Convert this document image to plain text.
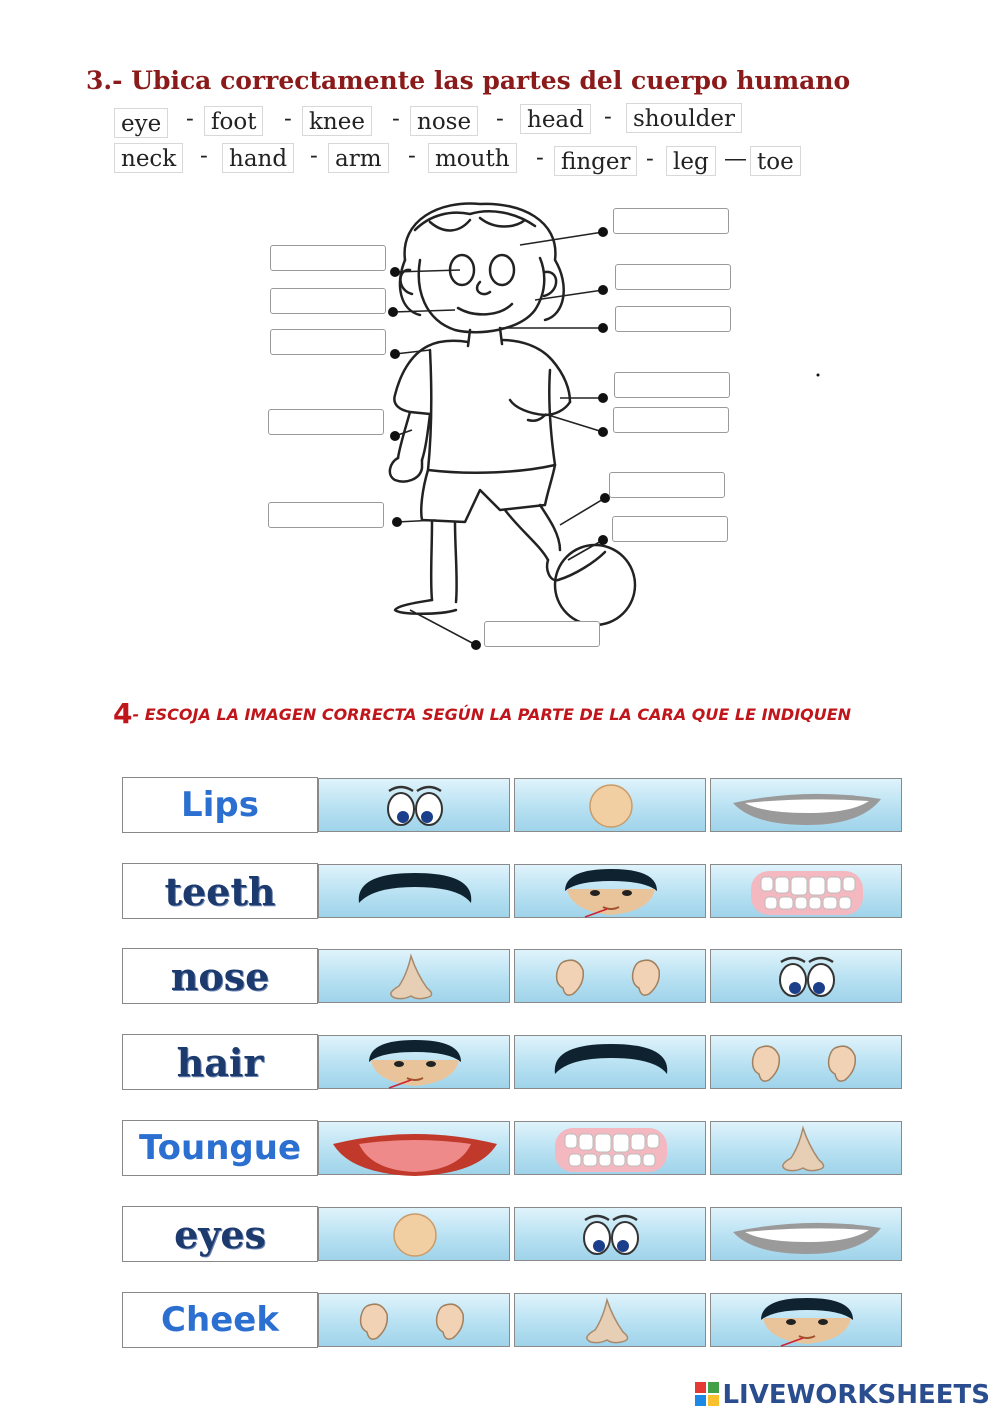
3.- Ubica correctamente las partes del cuerpo humano
eye	- foot	- knee	- nose	-	head - shoulder
neck	- hand - arm	- mouth	- finger - leg — toe
4- ESCOJA LA IMAGEN CORRECTA SEGÚN LA PARTE DE LA CARA QUE LE INDIQUEN
Lips
teeth
nose
hair
Toungue
eyes
Cheek
LIVEWORKSHEETS
